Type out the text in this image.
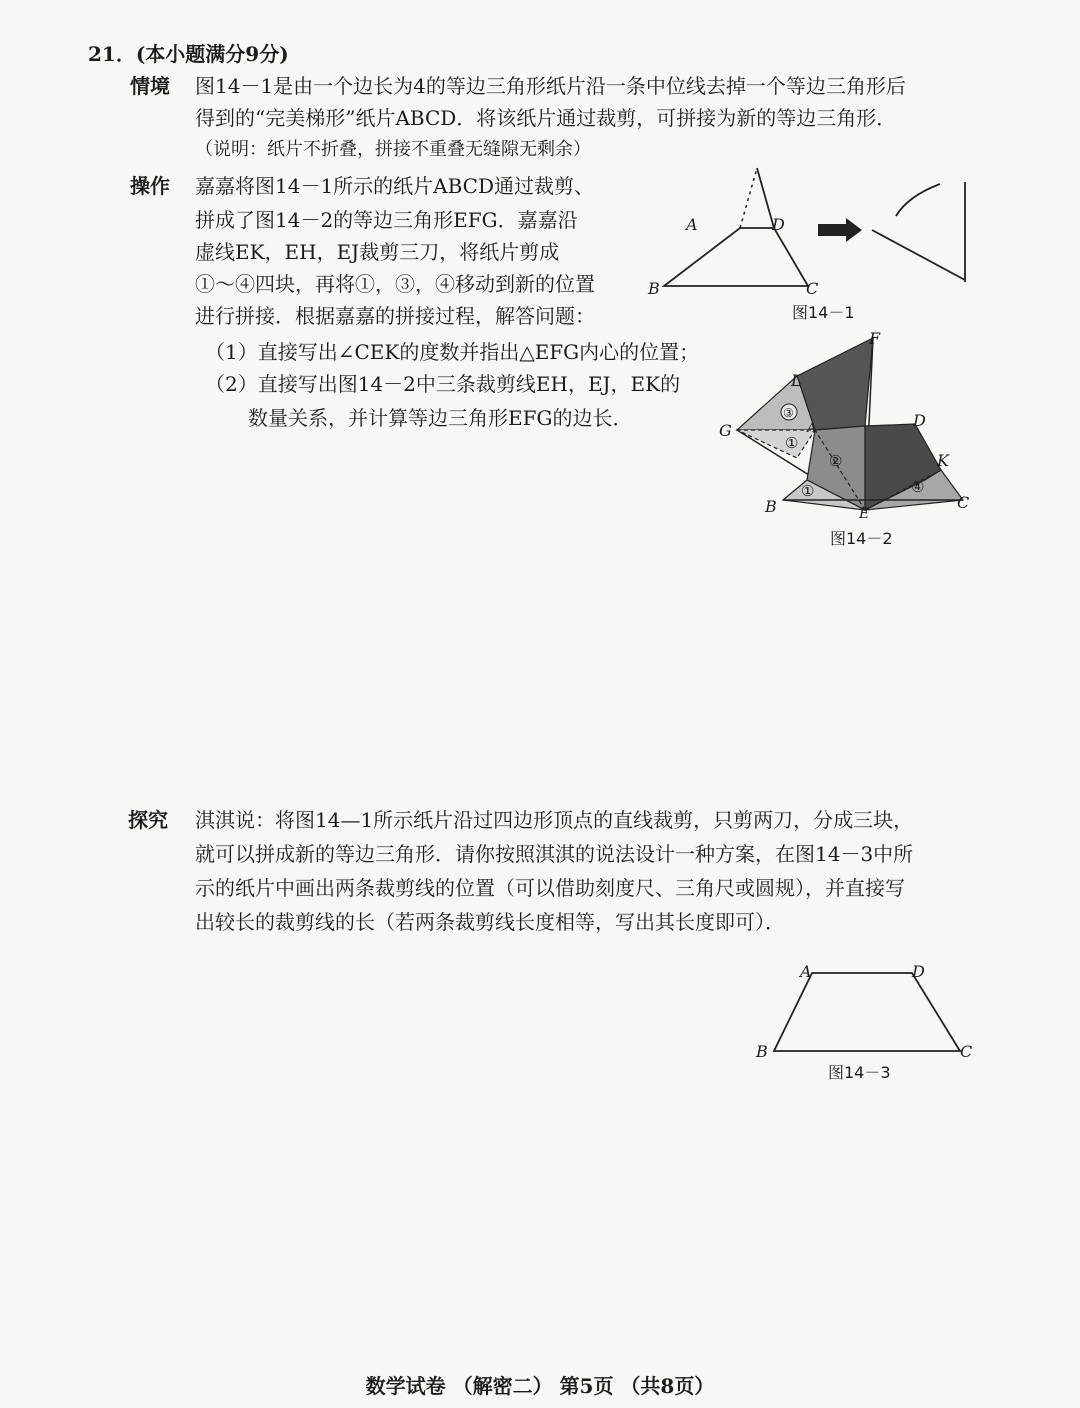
21．(本小题满分9分)
情境 图14－1是由一个边长为4的等边三角形纸片沿一条中位线去掉一个等边三角形后
得到的“完美梯形”纸片ABCD．将该纸片通过裁剪，可拼接为新的等边三角形．
（说明：纸片不折叠，拼接不重叠无缝隙无剩余）
操作 嘉嘉将图14－1所示的纸片ABCD通过裁剪、
拼成了图14－2的等边三角形EFG．嘉嘉沿
虚线EK，EH，EJ裁剪三刀，将纸片剪成
①～④四块，再将①，③，④移动到新的位置
进行拼接．根据嘉嘉的拼接过程，解答问题：
（1）直接写出∠CEK的度数并指出△EFG内心的位置；
（2）直接写出图14－2中三条裁剪线EH，EJ，EK的
数量关系，并计算等边三角形EFG的边长．
A	D
B	C
图14－1
③
①
②
④
①
F
L
G	A	D
K
B	C
E
图14－2
探究 淇淇说：将图14—1所示纸片沿过四边形顶点的直线裁剪，只剪两刀，分成三块，
就可以拼成新的等边三角形．请你按照淇淇的说法设计一种方案，在图14－3中所
示的纸片中画出两条裁剪线的位置（可以借助刻度尺、三角尺或圆规），并直接写
出较长的裁剪线的长（若两条裁剪线长度相等，写出其长度即可）．
A	D
B	C
图14－3
数学试卷 （解密二） 第5页 （共8页）
